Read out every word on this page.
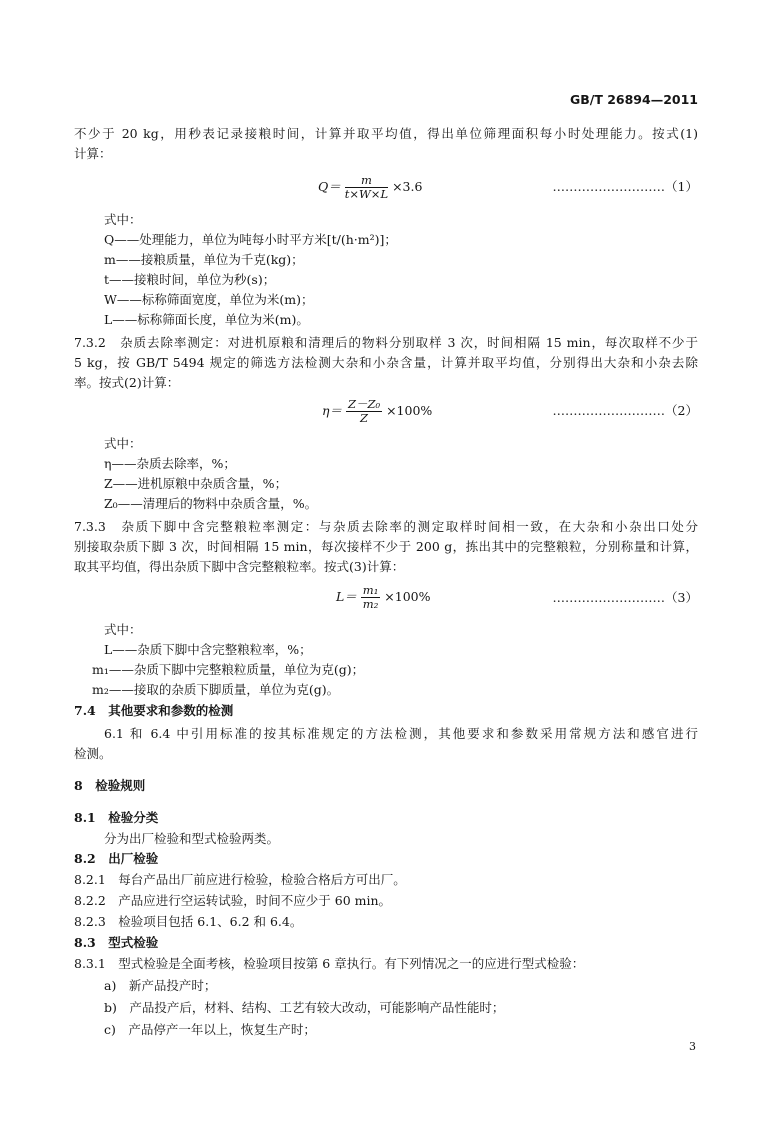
GB/T 26894—2011
不少于 20 kg，用秒表记录接粮时间，计算并取平均值，得出单位筛理面积每小时处理能力。按式(1)
计算：
$Q= \frac{m}{t\times W\times L} \times 3.6$	………………………（1）
式中：
Q——处理能力，单位为吨每小时平方米[t/(h·m²)]；
m——接粮质量，单位为千克(kg)；
t——接粮时间，单位为秒(s)；
W——标称筛面宽度，单位为米(m)；
L——标称筛面长度，单位为米(m)。
7.3.2　杂质去除率测定：对进机原粮和清理后的物料分别取样 3 次，时间相隔 15 min，每次取样不少于
5 kg，按 GB/T 5494 规定的筛选方法检测大杂和小杂含量，计算并取平均值，分别得出大杂和小杂去除
率。按式(2)计算：
$\eta= \frac{\text{Z－Z₀}}{Z} \times 100\%$	………………………（2）
式中：
η——杂质去除率，%；
Z——进机原粮中杂质含量，%；
Z₀——清理后的物料中杂质含量，%。
7.3.3　杂质下脚中含完整粮粒率测定：与杂质去除率的测定取样时间相一致，在大杂和小杂出口处分
别接取杂质下脚 3 次，时间相隔 15 min，每次接样不少于 200 g，拣出其中的完整粮粒，分别称量和计算，
取其平均值，得出杂质下脚中含完整粮粒率。按式(3)计算：
$L= \frac{\text{m₁}}{\text{m₂}} \times 100\%$	………………………（3）
式中：
L——杂质下脚中含完整粮粒率，%；
m₁——杂质下脚中完整粮粒质量，单位为克(g)；
m₂——接取的杂质下脚质量，单位为克(g)。
7.4　其他要求和参数的检测
6.1 和 6.4 中引用标准的按其标准规定的方法检测，其他要求和参数采用常规方法和感官进行
检测。
8　检验规则
8.1　检验分类
分为出厂检验和型式检验两类。
8.2　出厂检验
8.2.1　每台产品出厂前应进行检验，检验合格后方可出厂。
8.2.2　产品应进行空运转试验，时间不应少于 60 min。
8.2.3　检验项目包括 6.1、6.2 和 6.4。
8.3　型式检验
8.3.1　型式检验是全面考核，检验项目按第 6 章执行。有下列情况之一的应进行型式检验：
a)　新产品投产时；
b)　产品投产后，材料、结构、工艺有较大改动，可能影响产品性能时；
c)　产品停产一年以上，恢复生产时；
3
